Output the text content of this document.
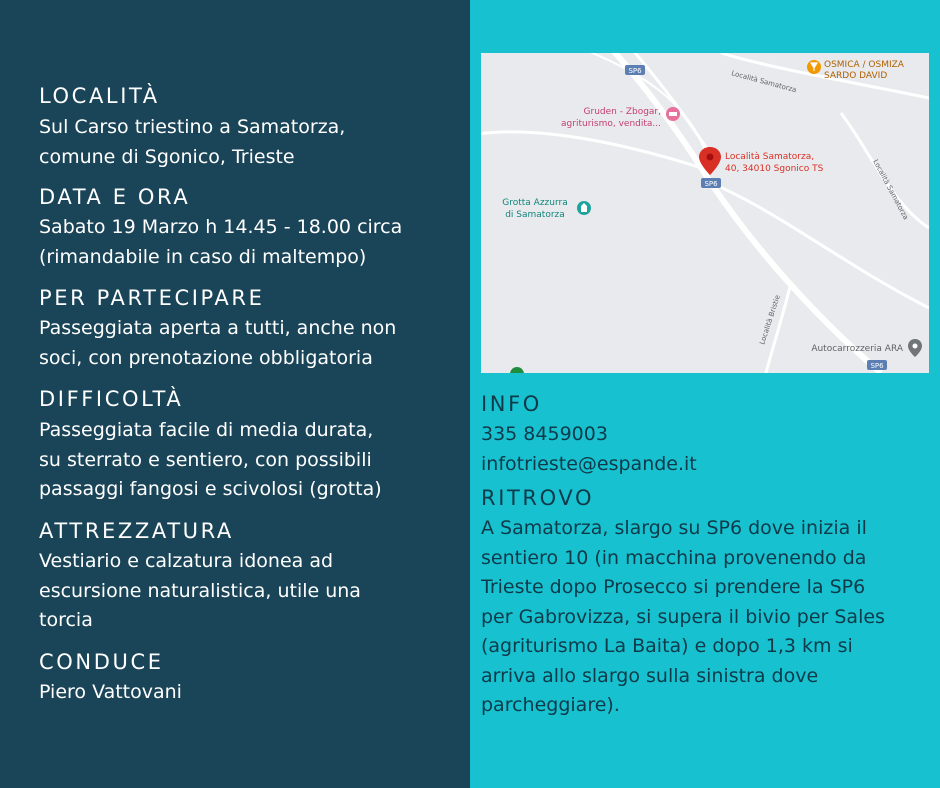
LOCALITÀ
Sul Carso triestino a Samatorza,
comune di Sgonico, Trieste
DATA E ORA
Sabato 19 Marzo h 14.45 - 18.00 circa
(rimandabile in caso di maltempo)
PER PARTECIPARE
Passeggiata aperta a tutti, anche non
soci, con prenotazione obbligatoria
DIFFICOLTÀ
Passeggiata facile di media durata,
su sterrato e sentiero, con possibili
passaggi fangosi e scivolosi (grotta)
ATTREZZATURA
Vestiario e calzatura idonea ad
escursione naturalistica, utile una
torcia
CONDUCE
Piero Vattovani
SP6
SP6
SP6
Località Samatorza
Località Samatorza
Località Bristie
OSMICA / OSMIZA
SARDO DAVID
Gruden - Zbogar,
agriturismo, vendita...
Località Samatorza,
40, 34010 Sgonico TS
Grotta Azzurra
di Samatorza
Autocarrozzeria ARA
INFO
335 8459003
infotrieste@espande.it
RITROVO
A Samatorza, slargo su SP6 dove inizia il
sentiero 10 (in macchina provenendo da
Trieste dopo Prosecco si prendere la SP6
per Gabrovizza, si supera il bivio per Sales
(agriturismo La Baita) e dopo 1,3 km si
arriva allo slargo sulla sinistra dove
parcheggiare).
